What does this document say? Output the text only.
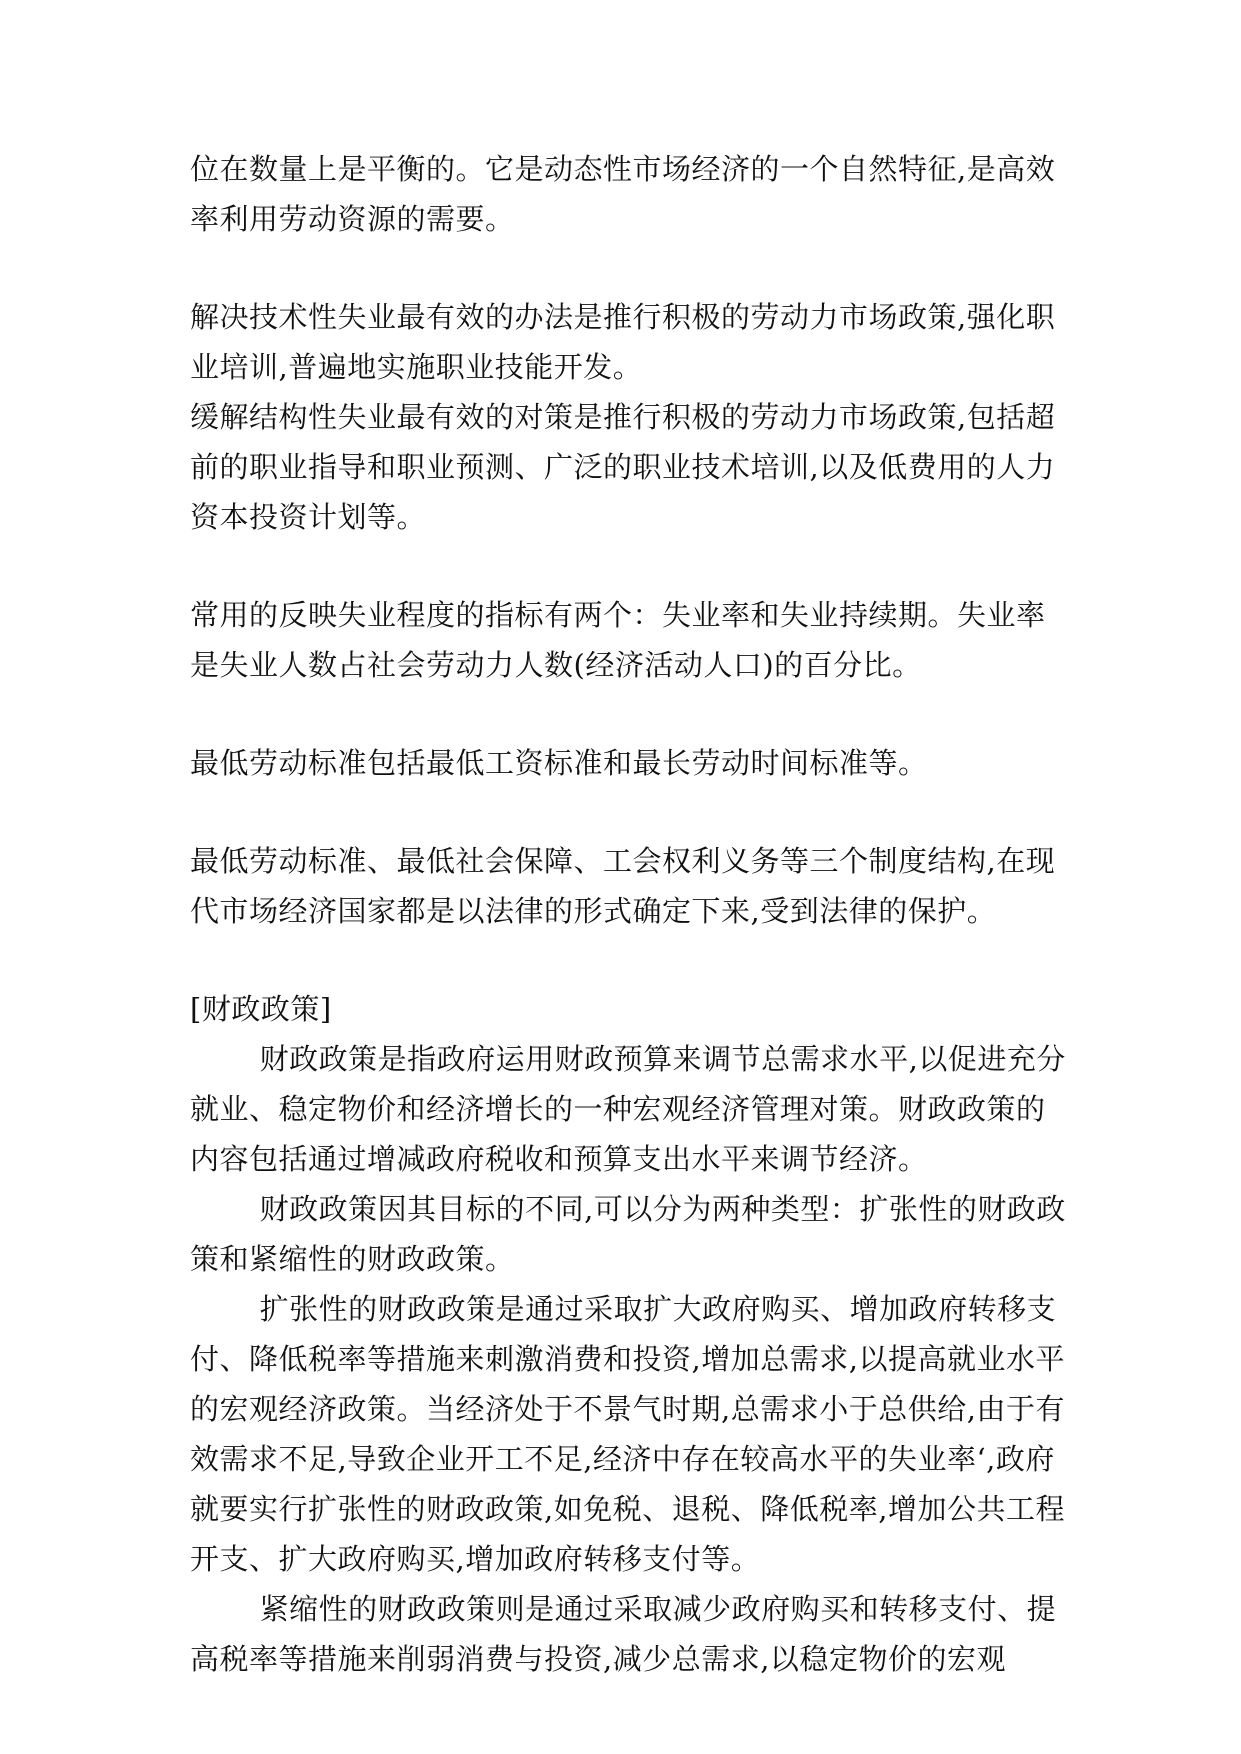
位在数量上是平衡的。它是动态性市场经济的一个自然特征,是高效率利用劳动资源的需要。

解决技术性失业最有效的办法是推行积极的劳动力市场政策,强化职业培训,普遍地实施职业技能开发。

缓解结构性失业最有效的对策是推行积极的劳动力市场政策,包括超前的职业指导和职业预测、广泛的职业技术培训,以及低费用的人力资本投资计划等。

常用的反映失业程度的指标有两个：失业率和失业持续期。失业率是失业人数占社会劳动力人数(经济活动人口)的百分比。

最低劳动标准包括最低工资标准和最长劳动时间标准等。

最低劳动标准、最低社会保障、工会权利义务等三个制度结构,在现代市场经济国家都是以法律的形式确定下来,受到法律的保护。

[财政政策]

财政政策是指政府运用财政预算来调节总需求水平,以促进充分就业、稳定物价和经济增长的一种宏观经济管理对策。财政政策的内容包括通过增减政府税收和预算支出水平来调节经济。

财政政策因其目标的不同,可以分为两种类型：扩张性的财政政策和紧缩性的财政政策。

扩张性的财政政策是通过采取扩大政府购买、增加政府转移支付、降低税率等措施来刺激消费和投资,增加总需求,以提高就业水平的宏观经济政策。当经济处于不景气时期,总需求小于总供给,由于有效需求不足,导致企业开工不足,经济中存在较高水平的失业率‘,政府就要实行扩张性的财政政策,如免税、退税、降低税率,增加公共工程开支、扩大政府购买,增加政府转移支付等。

紧缩性的财政政策则是通过采取减少政府购买和转移支付、提高税率等措施来削弱消费与投资,减少总需求,以稳定物价的宏观
